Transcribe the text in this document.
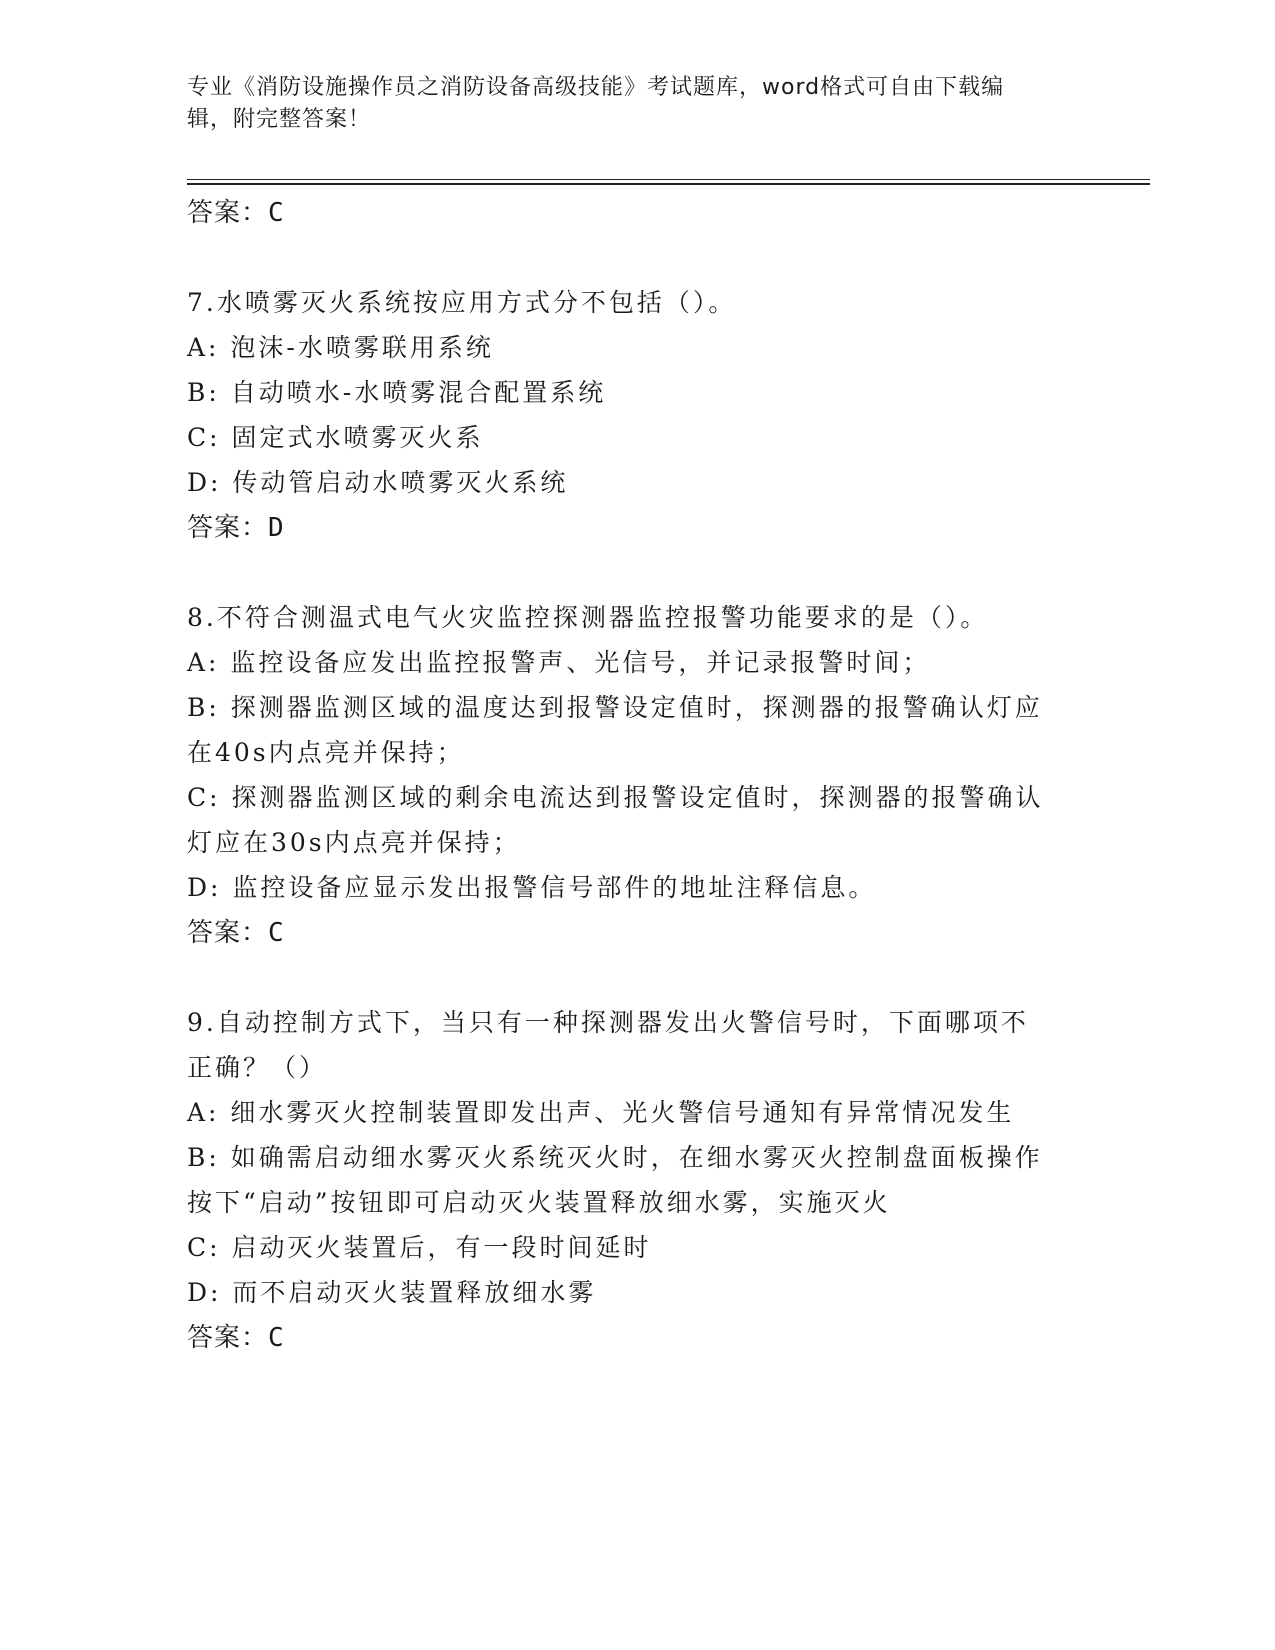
专业《消防设施操作员之消防设备高级技能》考试题库，word格式可自由下载编
辑，附完整答案！
答案：C
7.水喷雾灭火系统按应用方式分不包括（）。
A: 泡沫-水喷雾联用系统
B: 自动喷水-水喷雾混合配置系统
C: 固定式水喷雾灭火系
D: 传动管启动水喷雾灭火系统
答案：D
8.不符合测温式电气火灾监控探测器监控报警功能要求的是（）。
A: 监控设备应发出监控报警声、光信号，并记录报警时间；
B: 探测器监测区域的温度达到报警设定值时，探测器的报警确认灯应
在40s内点亮并保持；
C: 探测器监测区域的剩余电流达到报警设定值时，探测器的报警确认
灯应在30s内点亮并保持；
D: 监控设备应显示发出报警信号部件的地址注释信息。
答案：C
9.自动控制方式下，当只有一种探测器发出火警信号时，下面哪项不
正确？（）
A: 细水雾灭火控制装置即发出声、光火警信号通知有异常情况发生
B: 如确需启动细水雾灭火系统灭火时，在细水雾灭火控制盘面板操作
按下“启动”按钮即可启动灭火装置释放细水雾，实施灭火
C: 启动灭火装置后，有一段时间延时
D: 而不启动灭火装置释放细水雾
答案：C
